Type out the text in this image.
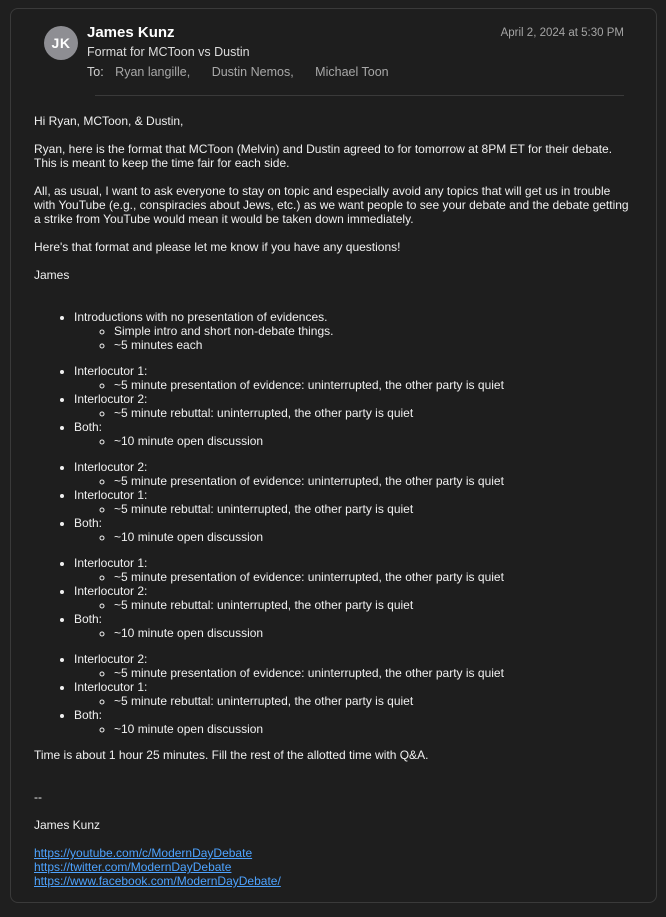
JK
James Kunz
Format for MCToon vs Dustin
To: Ryan langille, Dustin Nemos, Michael Toon
April 2, 2024 at 5:30 PM

Hi Ryan, MCToon, & Dustin,

Ryan, here is the format that MCToon (Melvin) and Dustin agreed to for tomorrow at 8PM ET for their debate. This is meant to keep the time fair for each side.

All, as usual, I want to ask everyone to stay on topic and especially avoid any topics that will get us in trouble with YouTube (e.g., conspiracies about Jews, etc.) as we want people to see your debate and the debate getting a strike from YouTube would mean it would be taken down immediately.

Here's that format and please let me know if you have any questions!

James

• Introductions with no presentation of evidences.
◦ Simple intro and short non-debate things.
◦ ~5 minutes each
• Interlocutor 1:
◦ ~5 minute presentation of evidence: uninterrupted, the other party is quiet
• Interlocutor 2:
◦ ~5 minute rebuttal: uninterrupted, the other party is quiet
• Both:
◦ ~10 minute open discussion
• Interlocutor 2:
◦ ~5 minute presentation of evidence: uninterrupted, the other party is quiet
• Interlocutor 1:
◦ ~5 minute rebuttal: uninterrupted, the other party is quiet
• Both:
◦ ~10 minute open discussion
• Interlocutor 1:
◦ ~5 minute presentation of evidence: uninterrupted, the other party is quiet
• Interlocutor 2:
◦ ~5 minute rebuttal: uninterrupted, the other party is quiet
• Both:
◦ ~10 minute open discussion
• Interlocutor 2:
◦ ~5 minute presentation of evidence: uninterrupted, the other party is quiet
• Interlocutor 1:
◦ ~5 minute rebuttal: uninterrupted, the other party is quiet
• Both:
◦ ~10 minute open discussion

Time is about 1 hour 25 minutes. Fill the rest of the allotted time with Q&A.

--

James Kunz

https://youtube.com/c/ModernDayDebate
https://twitter.com/ModernDayDebate
https://www.facebook.com/ModernDayDebate/
